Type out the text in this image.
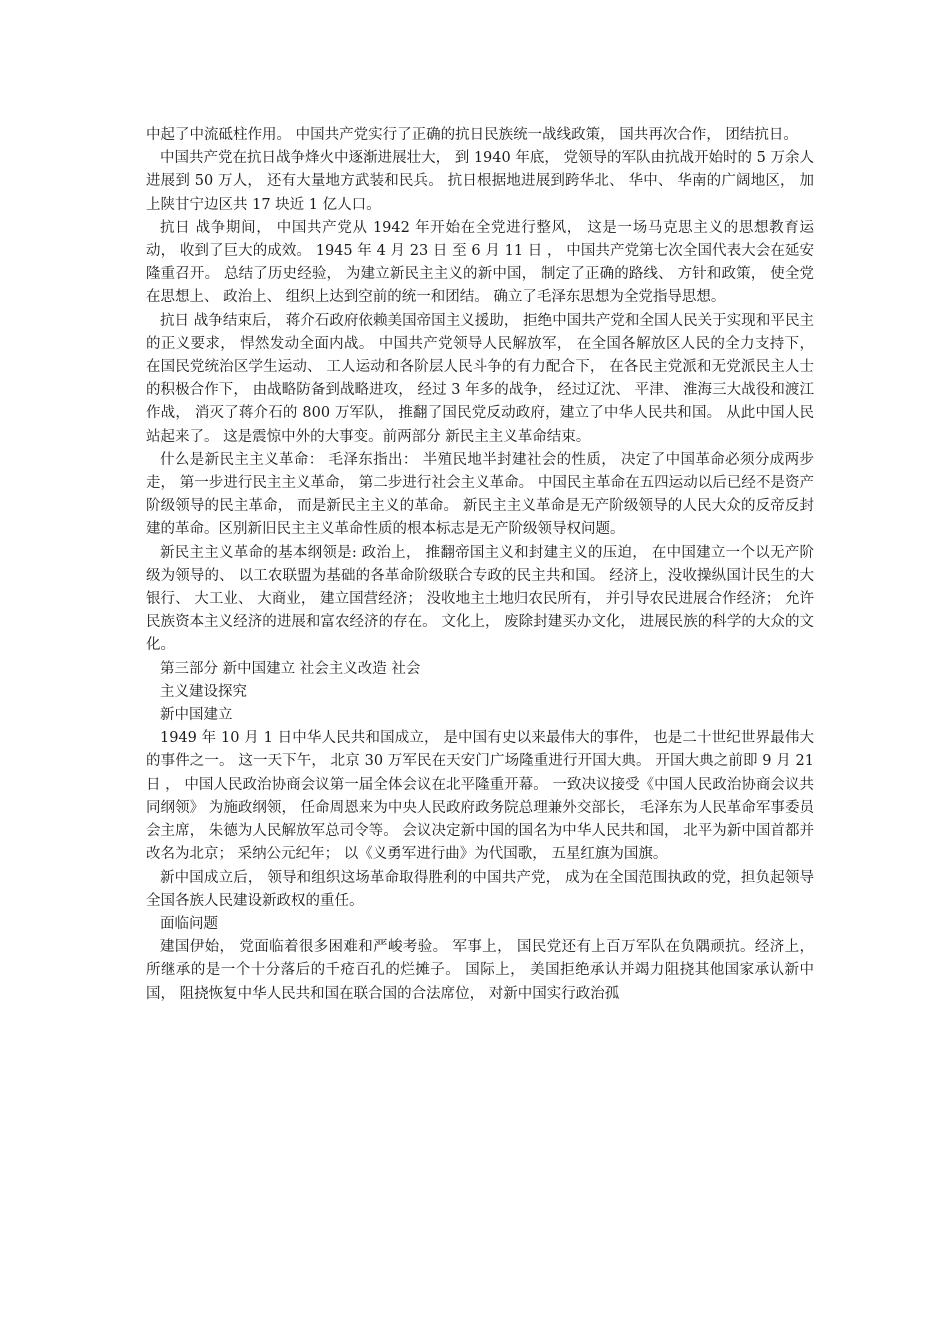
中起了中流砥柱作用。 中国共产党实行了正确的抗日民族统一战线政策， 国共再次合作， 团结抗日。

中国共产党在抗日战争烽火中逐渐进展壮大， 到 1940 年底， 党领导的军队由抗战开始时的 5 万余人进展到 50 万人， 还有大量地方武装和民兵。 抗日根据地进展到跨华北、 华中、 华南的广阔地区， 加上陕甘宁边区共 17 块近 1 亿人口。

抗日 战争期间， 中国共产党从 1942 年开始在全党进行整风， 这是一场马克思主义的思想教育运动， 收到了巨大的成效。 1945 年 4 月 23 日 至 6 月 11 日 ， 中国共产党第七次全国代表大会在延安隆重召开。 总结了历史经验， 为建立新民主主义的新中国， 制定了正确的路线、 方针和政策， 使全党在思想上、 政治上、 组织上达到空前的统一和团结。 确立了毛泽东思想为全党指导思想。

抗日 战争结束后， 蒋介石政府依赖美国帝国主义援助， 拒绝中国共产党和全国人民关于实现和平民主的正义要求， 悍然发动全面内战。 中国共产党领导人民解放军， 在全国各解放区人民的全力支持下， 在国民党统治区学生运动、 工人运动和各阶层人民斗争的有力配合下， 在各民主党派和无党派民主人士的积极合作下， 由战略防备到战略进攻， 经过 3 年多的战争， 经过辽沈、 平津、 淮海三大战役和渡江作战， 消灭了蒋介石的 800 万军队， 推翻了国民党反动政府，建立了中华人民共和国。 从此中国人民站起来了。 这是震惊中外的大事变。前两部分 新民主主义革命结束。

什么是新民主主义革命： 毛泽东指出： 半殖民地半封建社会的性质， 决定了中国革命必须分成两步走， 第一步进行民主主义革命， 第二步进行社会主义革命。 中国民主革命在五四运动以后已经不是资产阶级领导的民主革命， 而是新民主主义的革命。 新民主主义革命是无产阶级领导的人民大众的反帝反封建的革命。区别新旧民主主义革命性质的根本标志是无产阶级领导权问题。

新民主主义革命的基本纲领是: 政治上， 推翻帝国主义和封建主义的压迫， 在中国建立一个以无产阶级为领导的、 以工农联盟为基础的各革命阶级联合专政的民主共和国。 经济上，没收操纵国计民生的大银行、 大工业、 大商业， 建立国营经济； 没收地主土地归农民所有， 并引导农民进展合作经济； 允许民族资本主义经济的进展和富农经济的存在。 文化上， 废除封建买办文化， 进展民族的科学的大众的文化。

第三部分 新中国建立 社会主义改造 社会

主义建设探究

新中国建立

1949 年 10 月 1 日中华人民共和国成立， 是中国有史以来最伟大的事件， 也是二十世纪世界最伟大的事件之一。 这一天下午， 北京 30 万军民在天安门广场隆重进行开国大典。 开国大典之前即 9 月 21 日 ， 中国人民政治协商会议第一届全体会议在北平隆重开幕。 一致决议接受《中国人民政治协商会议共同纲领》 为施政纲领， 任命周恩来为中央人民政府政务院总理兼外交部长， 毛泽东为人民革命军事委员会主席， 朱德为人民解放军总司令等。 会议决定新中国的国名为中华人民共和国， 北平为新中国首都并改名为北京； 采纳公元纪年； 以《义勇军进行曲》为代国歌， 五星红旗为国旗。

新中国成立后， 领导和组织这场革命取得胜利的中国共产党， 成为在全国范围执政的党，担负起领导全国各族人民建设新政权的重任。

面临问题

建国伊始， 党面临着很多困难和严峻考验。 军事上， 国民党还有上百万军队在负隅顽抗。经济上， 所继承的是一个十分落后的千疮百孔的烂摊子。 国际上， 美国拒绝承认并竭力阻挠其他国家承认新中国， 阻挠恢复中华人民共和国在联合国的合法席位， 对新中国实行政治孤
